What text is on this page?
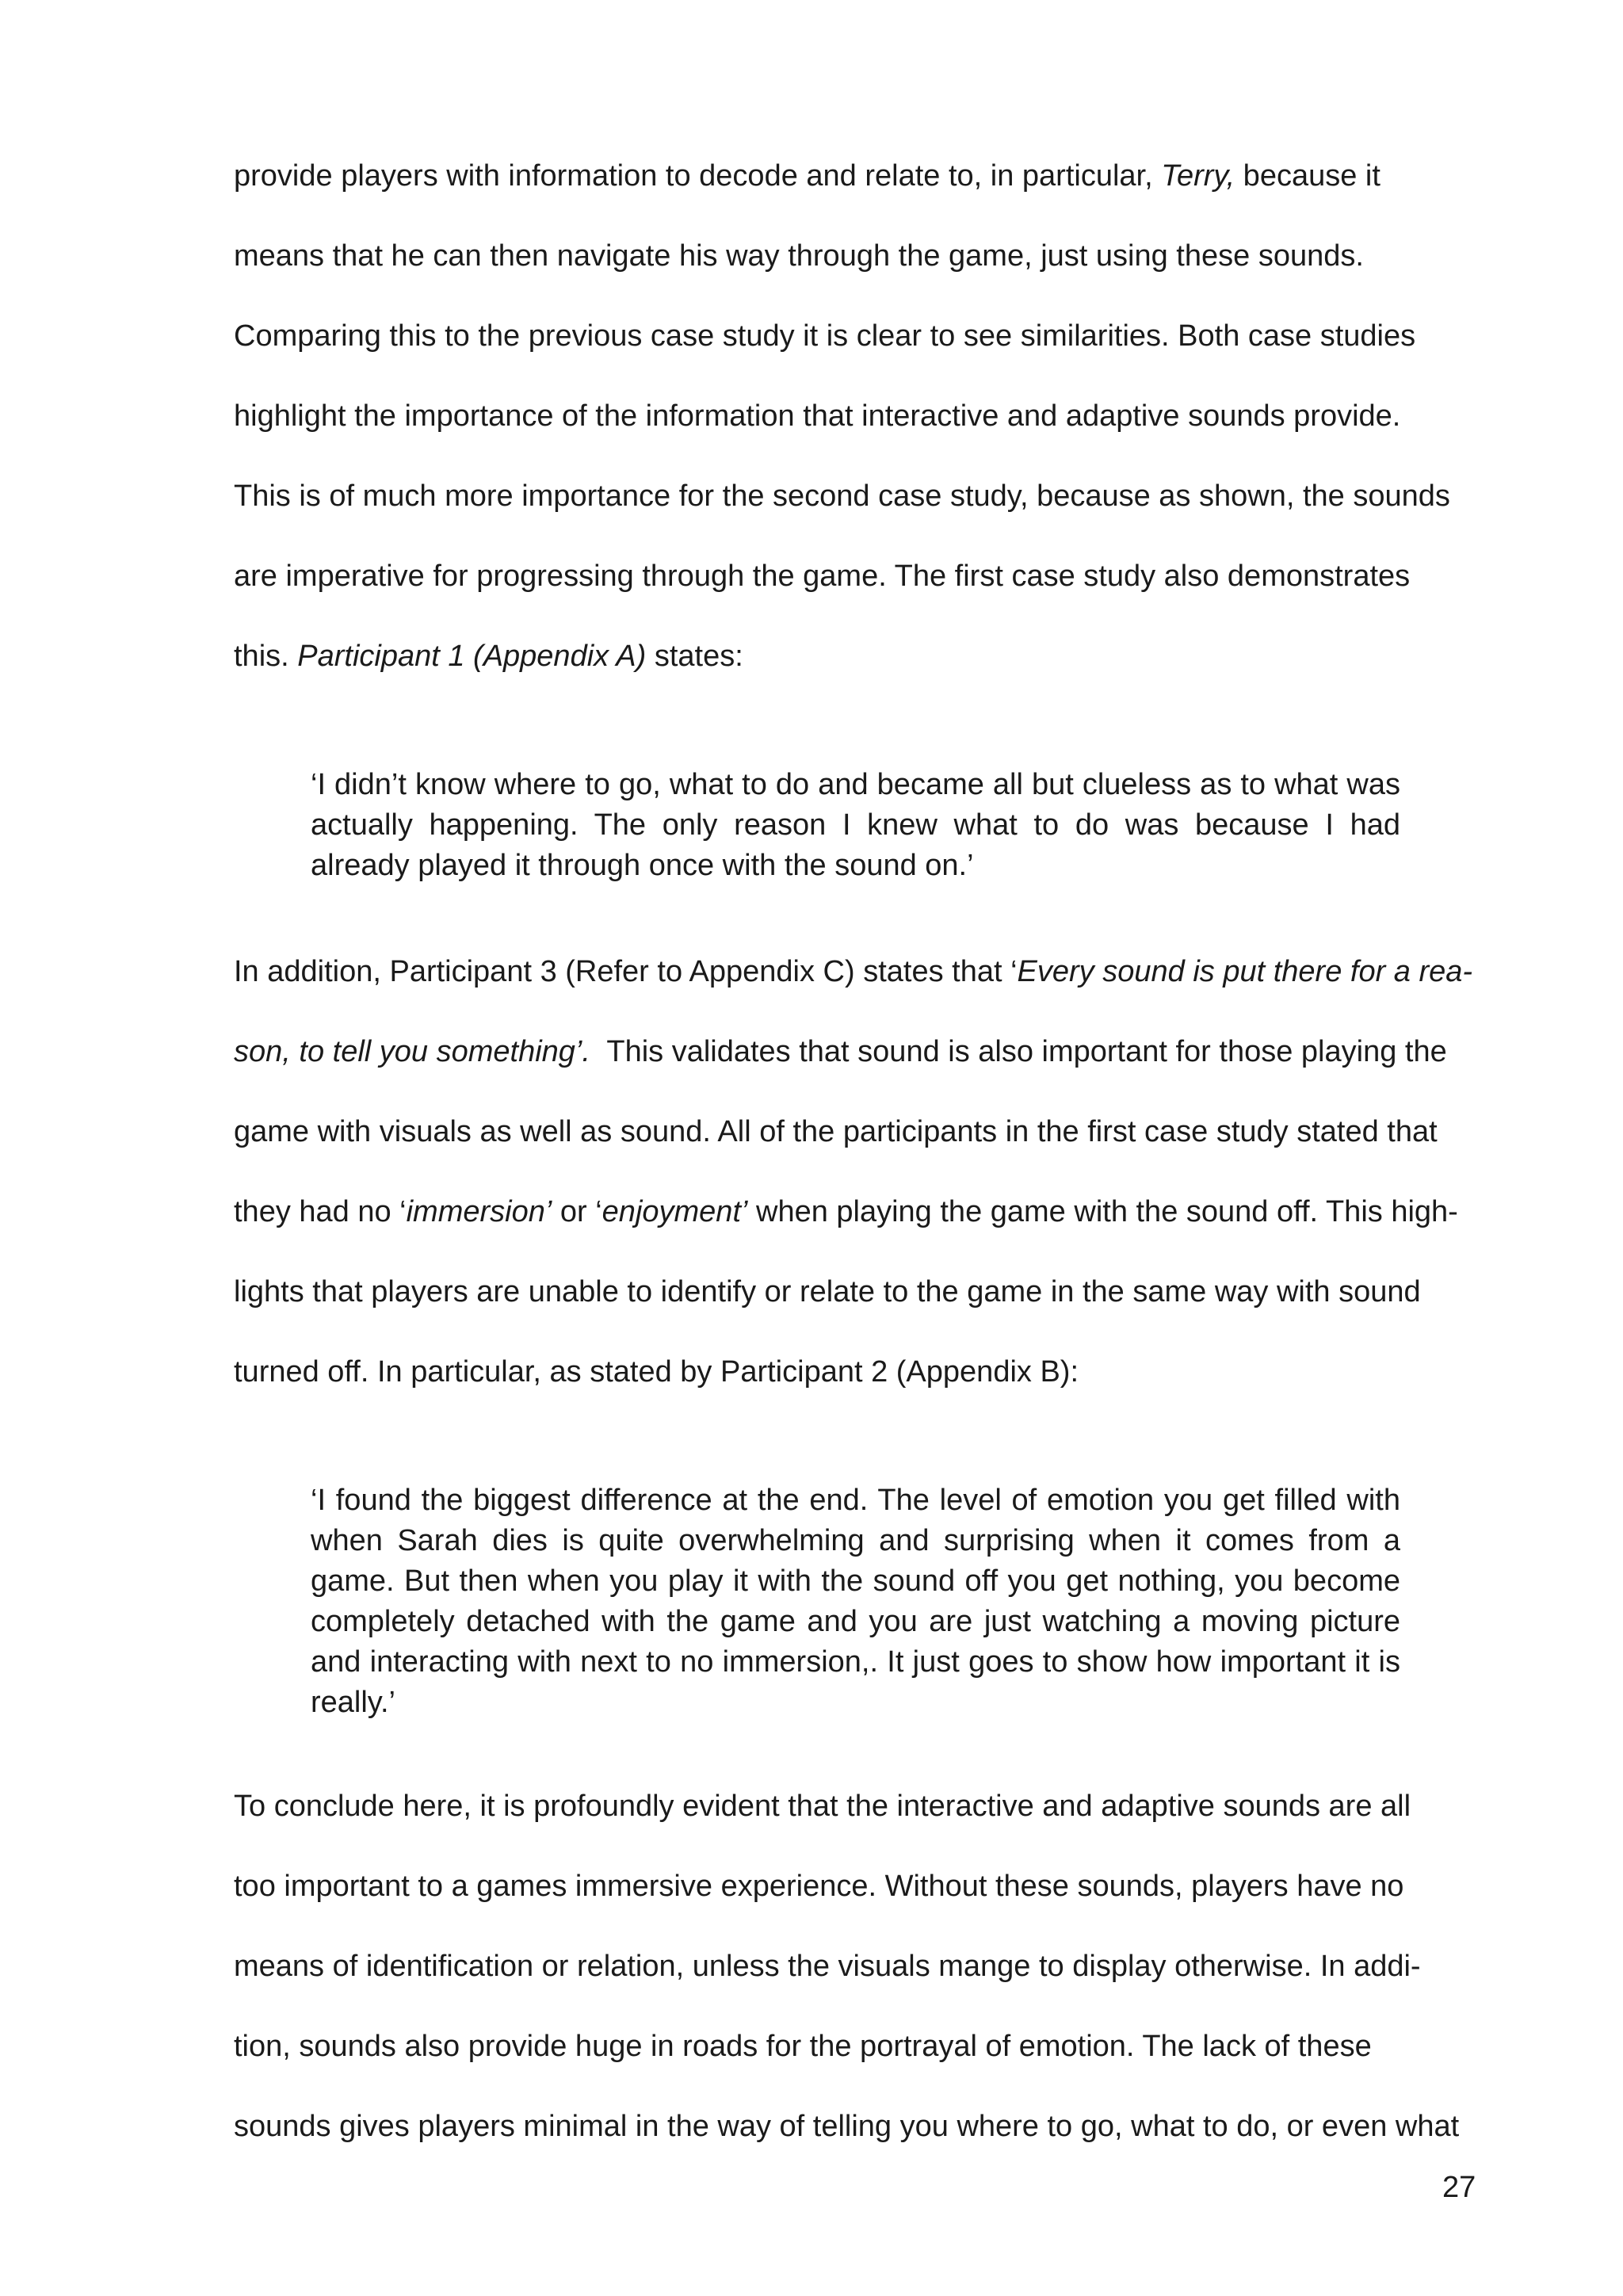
provide players with information to decode and relate to, in particular, Terry, because it

means that he can then navigate his way through the game, just using these sounds.

Comparing this to the previous case study it is clear to see similarities. Both case studies

highlight the importance of the information that interactive and adaptive sounds provide.

This is of much more importance for the second case study, because as shown, the sounds

are imperative for progressing through the game. The first case study also demonstrates

this. Participant 1 (Appendix A) states:

‘I didn’t know where to go, what to do and became all but clueless as to what was actually happening. The only reason I knew what to do was because I had already played it through once with the sound on.’

In addition, Participant 3 (Refer to Appendix C) states that ‘Every sound is put there for a rea-

son, to tell you something’.  This validates that sound is also important for those playing the

game with visuals as well as sound. All of the participants in the first case study stated that

they had no ‘immersion’ or ‘enjoyment’ when playing the game with the sound off. This high-

lights that players are unable to identify or relate to the game in the same way with sound

turned off. In particular, as stated by Participant 2 (Appendix B):

‘I found the biggest difference at the end. The level of emotion you get filled with when Sarah dies is quite overwhelming and surprising when it comes from a game. But then when you play it with the sound off you get nothing, you become completely detached with the game and you are just watching a moving picture and interacting with next to no immersion,. It just goes to show how important it is really.’

To conclude here, it is profoundly evident that the interactive and adaptive sounds are all

too important to a games immersive experience. Without these sounds, players have no

means of identification or relation, unless the visuals mange to display otherwise. In addi-

tion, sounds also provide huge in roads for the portrayal of emotion. The lack of these

sounds gives players minimal in the way of telling you where to go, what to do, or even what

27
